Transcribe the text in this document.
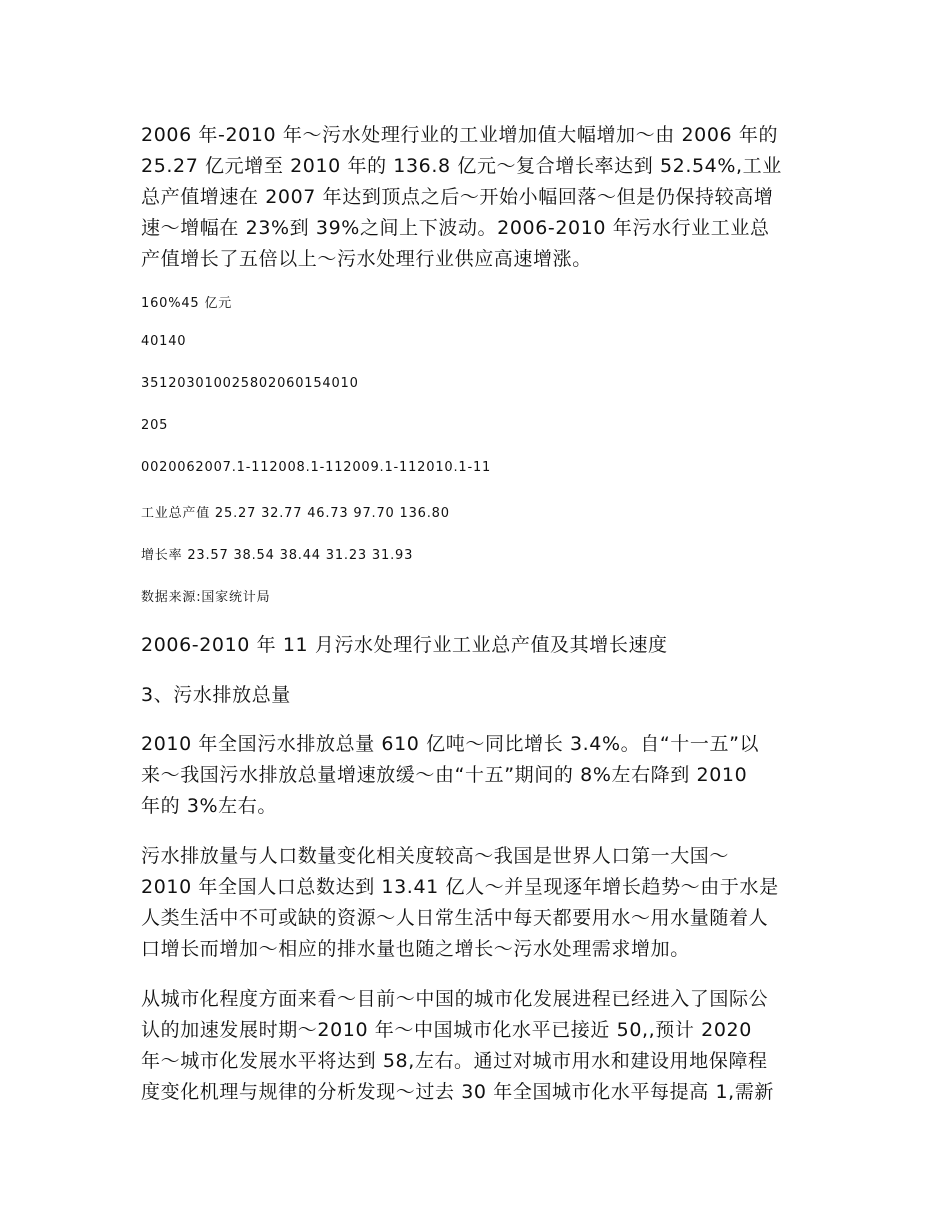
2006 年-2010 年～污水处理行业的工业增加值大幅增加～由 2006 年的
25.27 亿元增至 2010 年的 136.8 亿元～复合增长率达到 52.54%,工业
总产值增速在 2007 年达到顶点之后～开始小幅回落～但是仍保持较高增
速～增幅在 23%到 39%之间上下波动。2006-2010 年污水行业工业总
产值增长了五倍以上～污水处理行业供应高速增涨。
160%45 亿元
40140
351203010025802060154010
205
0020062007.1-112008.1-112009.1-112010.1-11
工业总产值 25.27 32.77 46.73 97.70 136.80
增长率 23.57 38.54 38.44 31.23 31.93
数据来源:国家统计局
2006-2010 年 11 月污水处理行业工业总产值及其增长速度
3、污水排放总量
2010 年全国污水排放总量 610 亿吨～同比增长 3.4%。自“十一五”以
来～我国污水排放总量增速放缓～由“十五”期间的 8%左右降到 2010
年的 3%左右。
污水排放量与人口数量变化相关度较高～我国是世界人口第一大国～
2010 年全国人口总数达到 13.41 亿人～并呈现逐年增长趋势～由于水是
人类生活中不可或缺的资源～人日常生活中每天都要用水～用水量随着人
口增长而增加～相应的排水量也随之增长～污水处理需求增加。
从城市化程度方面来看～目前～中国的城市化发展进程已经进入了国际公
认的加速发展时期～2010 年～中国城市化水平已接近 50,,预计 2020
年～城市化发展水平将达到 58,左右。通过对城市用水和建设用地保障程
度变化机理与规律的分析发现～过去 30 年全国城市化水平每提高 1,需新
